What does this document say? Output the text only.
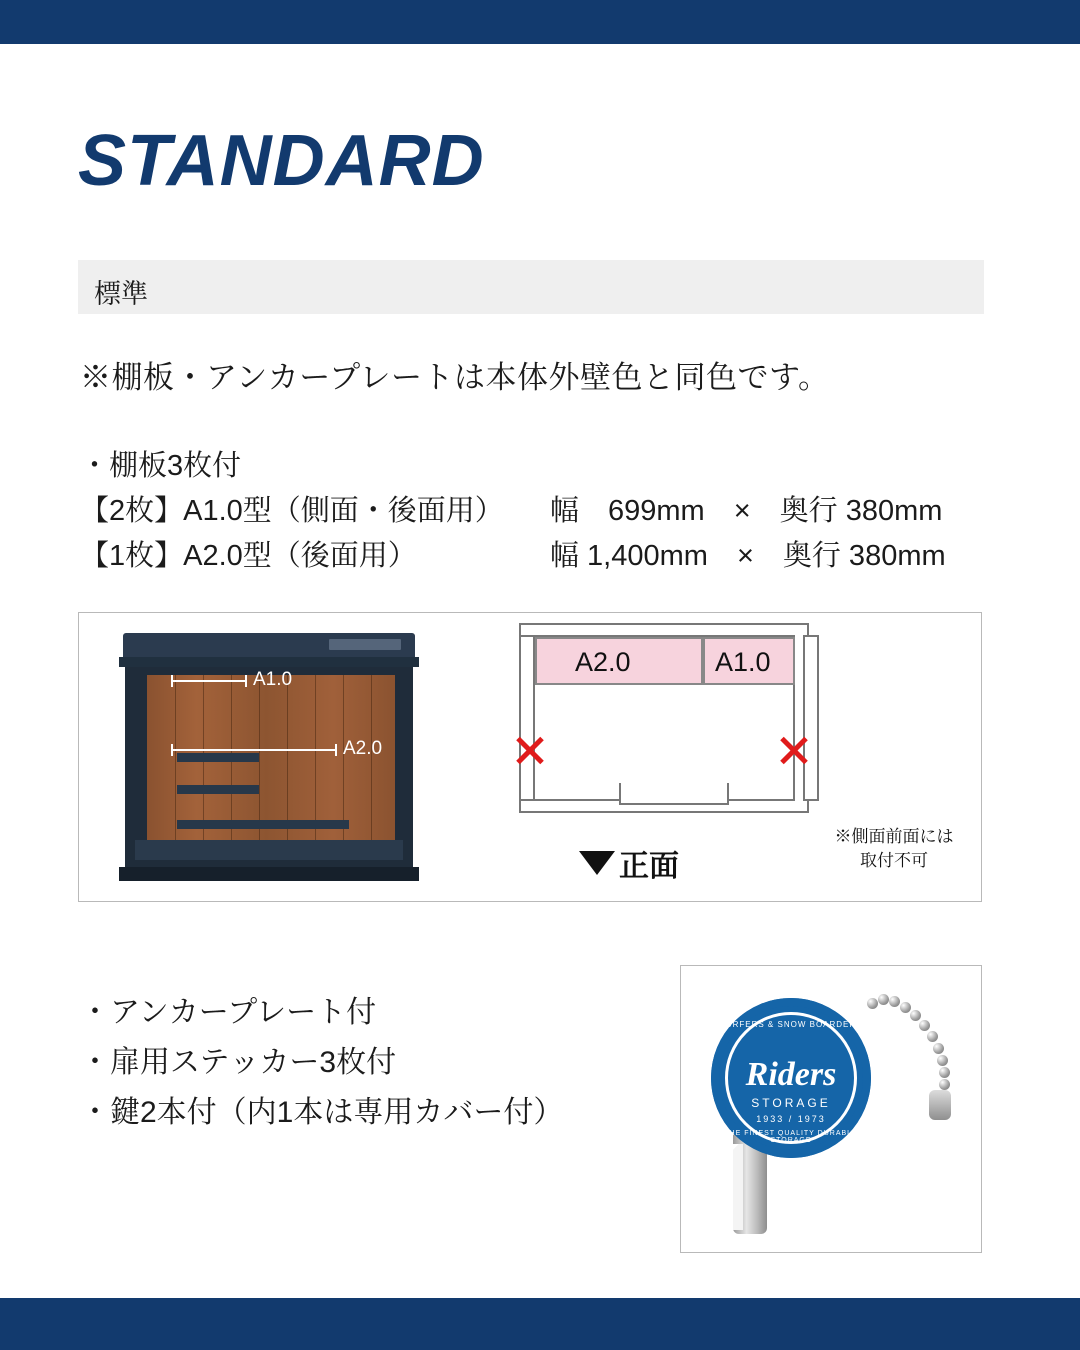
STANDARD
標準
※棚板・アンカープレートは本体外壁色と同色です。
・棚板3枚付
【2枚】A1.0型（側面・後面用） 幅　699mm　×　奥行 380mm
【1枚】A2.0型（後面用）	幅 1,400mm　×　奥行 380mm
A1.0
A2.0
A2.0	A1.0
正面
※側面前面には
取付不可
・アンカープレート付
・扉用ステッカー3枚付
・鍵2本付（内1本は専用カバー付）
SURFERS & SNOW BOARDERS
Riders
STORAGE
1933 / 1973
THE FINEST QUALITY DURABLE STORAGE
